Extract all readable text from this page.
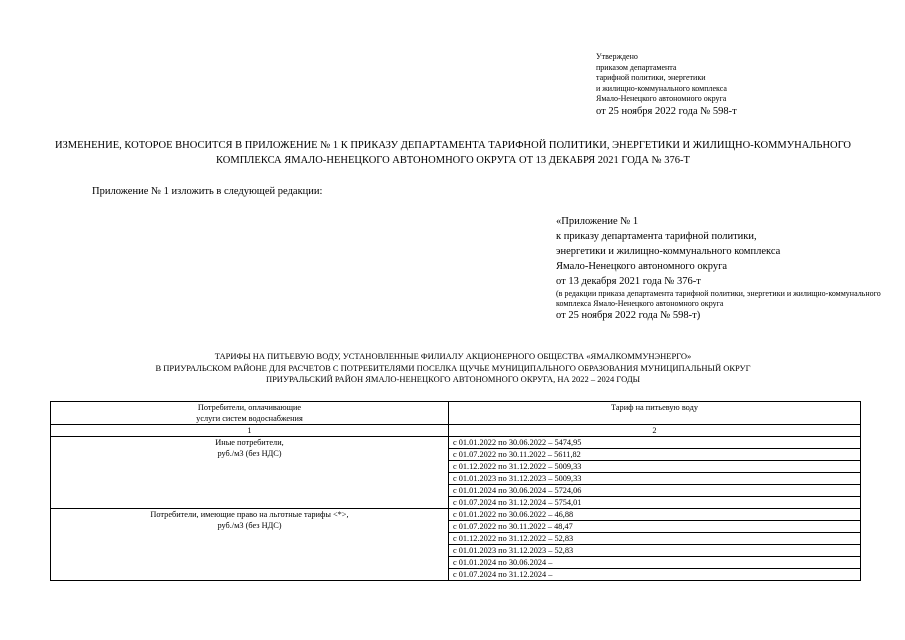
Утверждено
приказом департамента
тарифной политики, энергетики
и жилищно-коммунального комплекса
Ямало-Ненецкого автономного округа
от 25 ноября 2022 года № 598-т
ИЗМЕНЕНИЕ, КОТОРОЕ ВНОСИТСЯ В ПРИЛОЖЕНИЕ № 1 К ПРИКАЗУ ДЕПАРТАМЕНТА ТАРИФНОЙ ПОЛИТИКИ, ЭНЕРГЕТИКИ И ЖИЛИЩНО-КОММУНАЛЬНОГО КОМПЛЕКСА ЯМАЛО-НЕНЕЦКОГО АВТОНОМНОГО ОКРУГА ОТ 13 ДЕКАБРЯ 2021 ГОДА № 376-Т
Приложение № 1 изложить в следующей редакции:
«Приложение № 1
к приказу департамента тарифной политики,
энергетики и жилищно-коммунального комплекса
Ямало-Ненецкого автономного округа
от 13 декабря 2021 года № 376-т
(в редакции приказа департамента тарифной политики, энергетики и жилищно-коммунального комплекса Ямало-Ненецкого автономного округа
от 25 ноября 2022 года № 598-т)
ТАРИФЫ НА ПИТЬЕВУЮ ВОДУ, УСТАНОВЛЕННЫЕ ФИЛИАЛУ АКЦИОНЕРНОГО ОБЩЕСТВА «ЯМАЛКОММУНЭНЕРГО»
В ПРИУРАЛЬСКОМ РАЙОНЕ ДЛЯ РАСЧЕТОВ С ПОТРЕБИТЕЛЯМИ ПОСЕЛКА ЩУЧЬЕ МУНИЦИПАЛЬНОГО ОБРАЗОВАНИЯ МУНИЦИПАЛЬНЫЙ ОКРУГ
ПРИУРАЛЬСКИЙ РАЙОН ЯМАЛО-НЕНЕЦКОГО АВТОНОМНОГО ОКРУГА, НА 2022 – 2024 ГОДЫ
Потребители, оплачивающие
услуги систем водоснабжения	Тариф на питьевую воду
1	2

Иные потребители,
руб./м3 (без НДС)	с 01.01.2022 по 30.06.2022 – 5474,95
	с 01.07.2022 по 30.11.2022 – 5611,82
	с 01.12.2022 по 31.12.2022 – 5009,33
	с 01.01.2023 по 31.12.2023 – 5009,33
	с 01.01.2024 по 30.06.2024 – 5724,06
	с 01.07.2024 по 31.12.2024 – 5754,01

Потребители, имеющие право на льготные тарифы <*>,
руб./м3 (без НДС)	с 01.01.2022 по 30.06.2022 – 46,88
	с 01.07.2022 по 30.11.2022 – 48,47
	с 01.12.2022 по 31.12.2022 – 52,83
	с 01.01.2023 по 31.12.2023 – 52,83
	с 01.01.2024 по 30.06.2024 –
	с 01.07.2024 по 31.12.2024 –
